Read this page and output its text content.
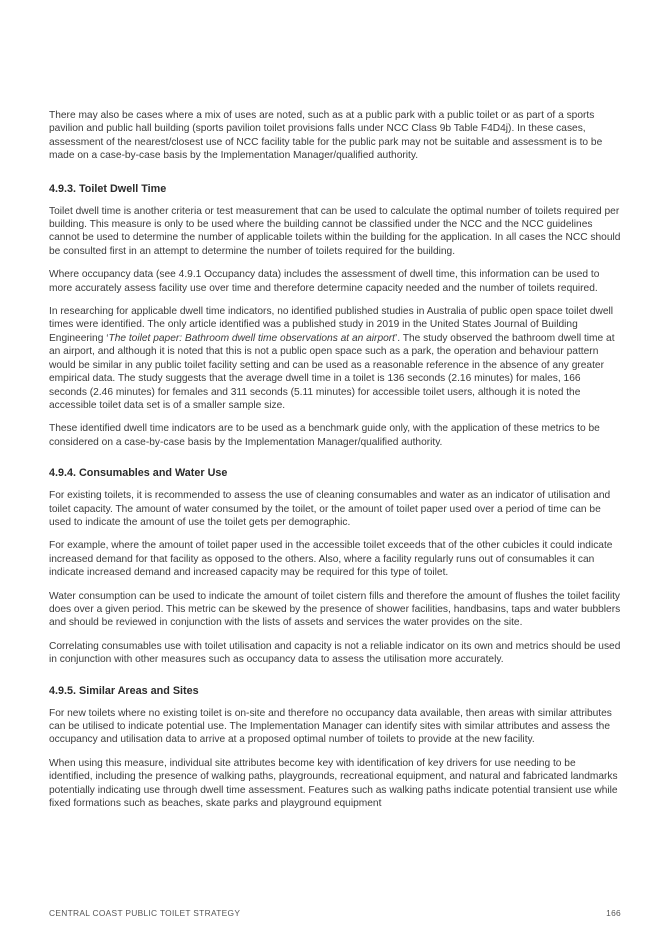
There may also be cases where a mix of uses are noted, such as at a public park with a public toilet or as part of a sports pavilion and public hall building (sports pavilion toilet provisions falls under NCC Class 9b Table F4D4j). In these cases, assessment of the nearest/closest use of NCC facility table for the public park may not be suitable and assessment is to be made on a case-by-case basis by the Implementation Manager/qualified authority.

4.9.3. Toilet Dwell Time

Toilet dwell time is another criteria or test measurement that can be used to calculate the optimal number of toilets required per building. This measure is only to be used where the building cannot be classified under the NCC and the NCC guidelines cannot be used to determine the number of applicable toilets within the building for the application. In all cases the NCC should be consulted first in an attempt to determine the number of toilets required for the building.

Where occupancy data (see 4.9.1 Occupancy data) includes the assessment of dwell time, this information can be used to more accurately assess facility use over time and therefore determine capacity needed and the number of toilets required.

In researching for applicable dwell time indicators, no identified published studies in Australia of public open space toilet dwell times were identified. The only article identified was a published study in 2019 in the United States Journal of Building Engineering ‘The toilet paper: Bathroom dwell time observations at an airport’. The study observed the bathroom dwell time at an airport, and although it is noted that this is not a public open space such as a park, the operation and behaviour pattern would be similar in any public toilet facility setting and can be used as a reasonable reference in the absence of any greater empirical data. The study suggests that the average dwell time in a toilet is 136 seconds (2.16 minutes) for males, 166 seconds (2.46 minutes) for females and 311 seconds (5.11 minutes) for accessible toilet users, although it is noted the accessible toilet data set is of a smaller sample size.

These identified dwell time indicators are to be used as a benchmark guide only, with the application of these metrics to be considered on a case-by-case basis by the Implementation Manager/qualified authority.

4.9.4. Consumables and Water Use

For existing toilets, it is recommended to assess the use of cleaning consumables and water as an indicator of utilisation and toilet capacity. The amount of water consumed by the toilet, or the amount of toilet paper used over a period of time can be used to indicate the amount of use the toilet gets per demographic.

For example, where the amount of toilet paper used in the accessible toilet exceeds that of the other cubicles it could indicate increased demand for that facility as opposed to the others. Also, where a facility regularly runs out of consumables it can indicate increased demand and increased capacity may be required for this type of toilet.

Water consumption can be used to indicate the amount of toilet cistern fills and therefore the amount of flushes the toilet facility does over a given period. This metric can be skewed by the presence of shower facilities, handbasins, taps and water bubblers and should be reviewed in conjunction with the lists of assets and services the water provides on the site.

Correlating consumables use with toilet utilisation and capacity is not a reliable indicator on its own and metrics should be used in conjunction with other measures such as occupancy data to assess the utilisation more accurately.

4.9.5. Similar Areas and Sites

For new toilets where no existing toilet is on-site and therefore no occupancy data available, then areas with similar attributes can be utilised to indicate potential use. The Implementation Manager can identify sites with similar attributes and assess the occupancy and utilisation data to arrive at a proposed optimal number of toilets to provide at the new facility.

When using this measure, individual site attributes become key with identification of key drivers for use needing to be identified, including the presence of walking paths, playgrounds, recreational equipment, and natural and fabricated landmarks potentially indicating use through dwell time assessment. Features such as walking paths indicate potential transient use while fixed formations such as beaches, skate parks and playground equipment

CENTRAL COAST PUBLIC TOILET STRATEGY	166
